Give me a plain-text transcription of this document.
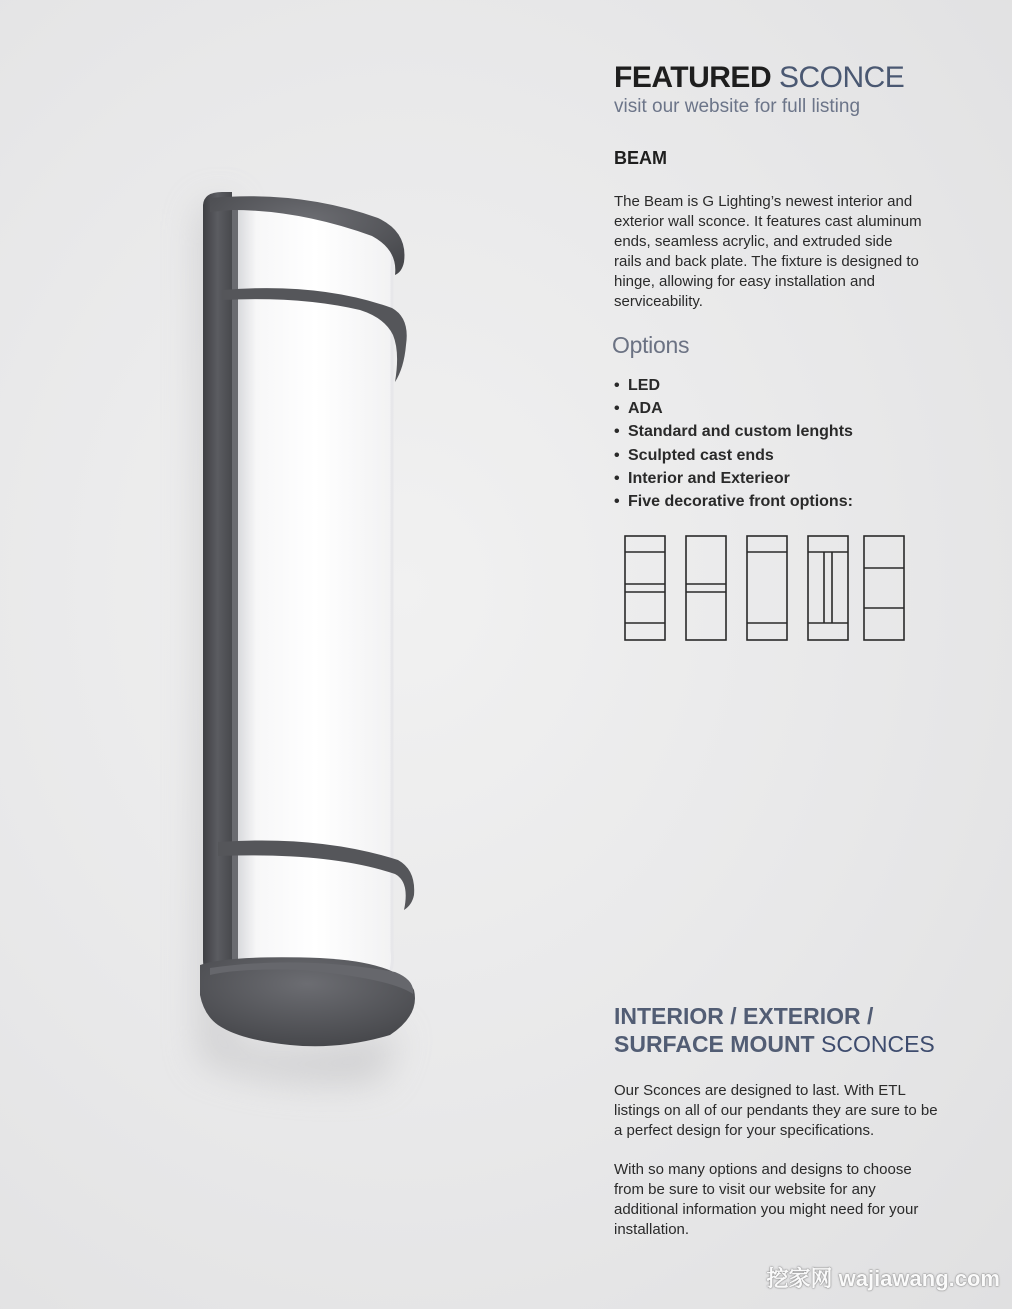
FEATURED SCONCE
visit our website for full listing
BEAM

The Beam is G Lighting’s newest interior and exterior wall sconce. It features cast aluminum ends, seamless acrylic, and extruded side rails and back plate. The fixture is designed to hinge, allowing for easy installation and serviceability.

Options
• LED
• ADA
• Standard and custom lenghts
• Sculpted cast ends
• Interior and Exterieor
• Five decorative front options:
INTERIOR / EXTERIOR /
SURFACE MOUNT SCONCES

Our Sconces are designed to last. With ETL listings on all of our pendants they are sure to be a perfect design for your specifications.

With so many options and designs to choose from be sure to visit our website for any additional information you might need for your installation.

挖家网 wajiawang.com
